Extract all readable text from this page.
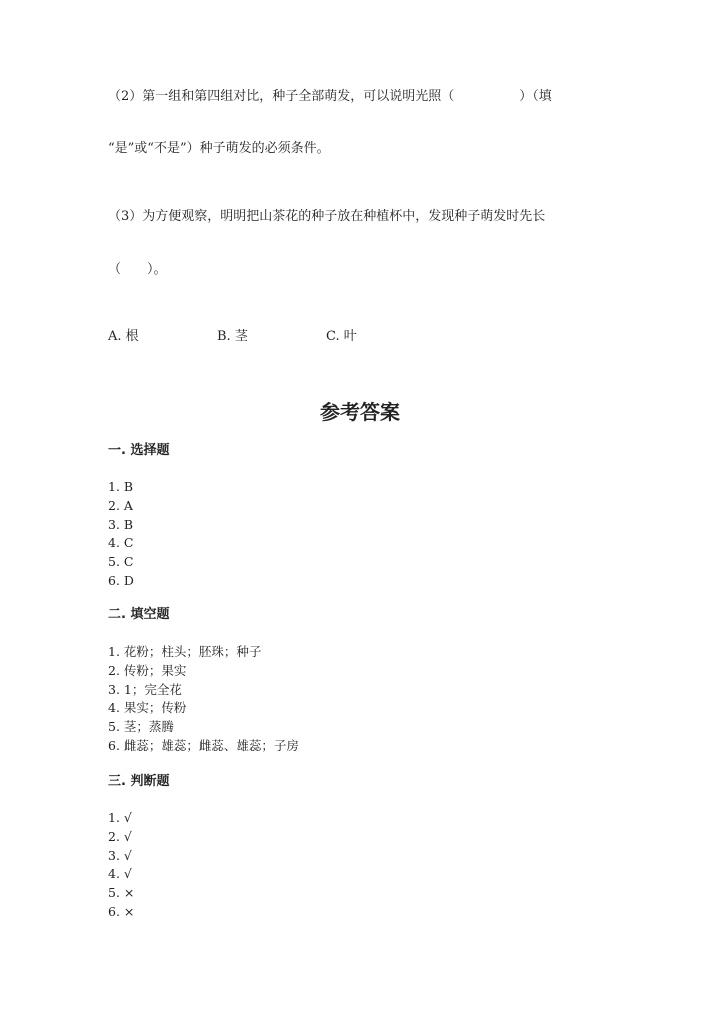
（2）第一组和第四组对比，种子全部萌发，可以说明光照（　　　　　）（填
“是”或“不是”）种子萌发的必须条件。
（3）为方便观察，明明把山茶花的种子放在种植杯中，发现种子萌发时先长
（　　）。
A. 根	B. 茎	C. 叶
参考答案
一. 选择题
1. B
2. A
3. B
4. C
5. C
6. D
二. 填空题
1. 花粉；柱头；胚珠；种子
2. 传粉；果实
3. 1；完全花
4. 果实；传粉
5. 茎；蒸腾
6. 雌蕊；雄蕊；雌蕊、雄蕊；子房
三. 判断题
1. √
2. √
3. √
4. √
5. ×
6. ×
